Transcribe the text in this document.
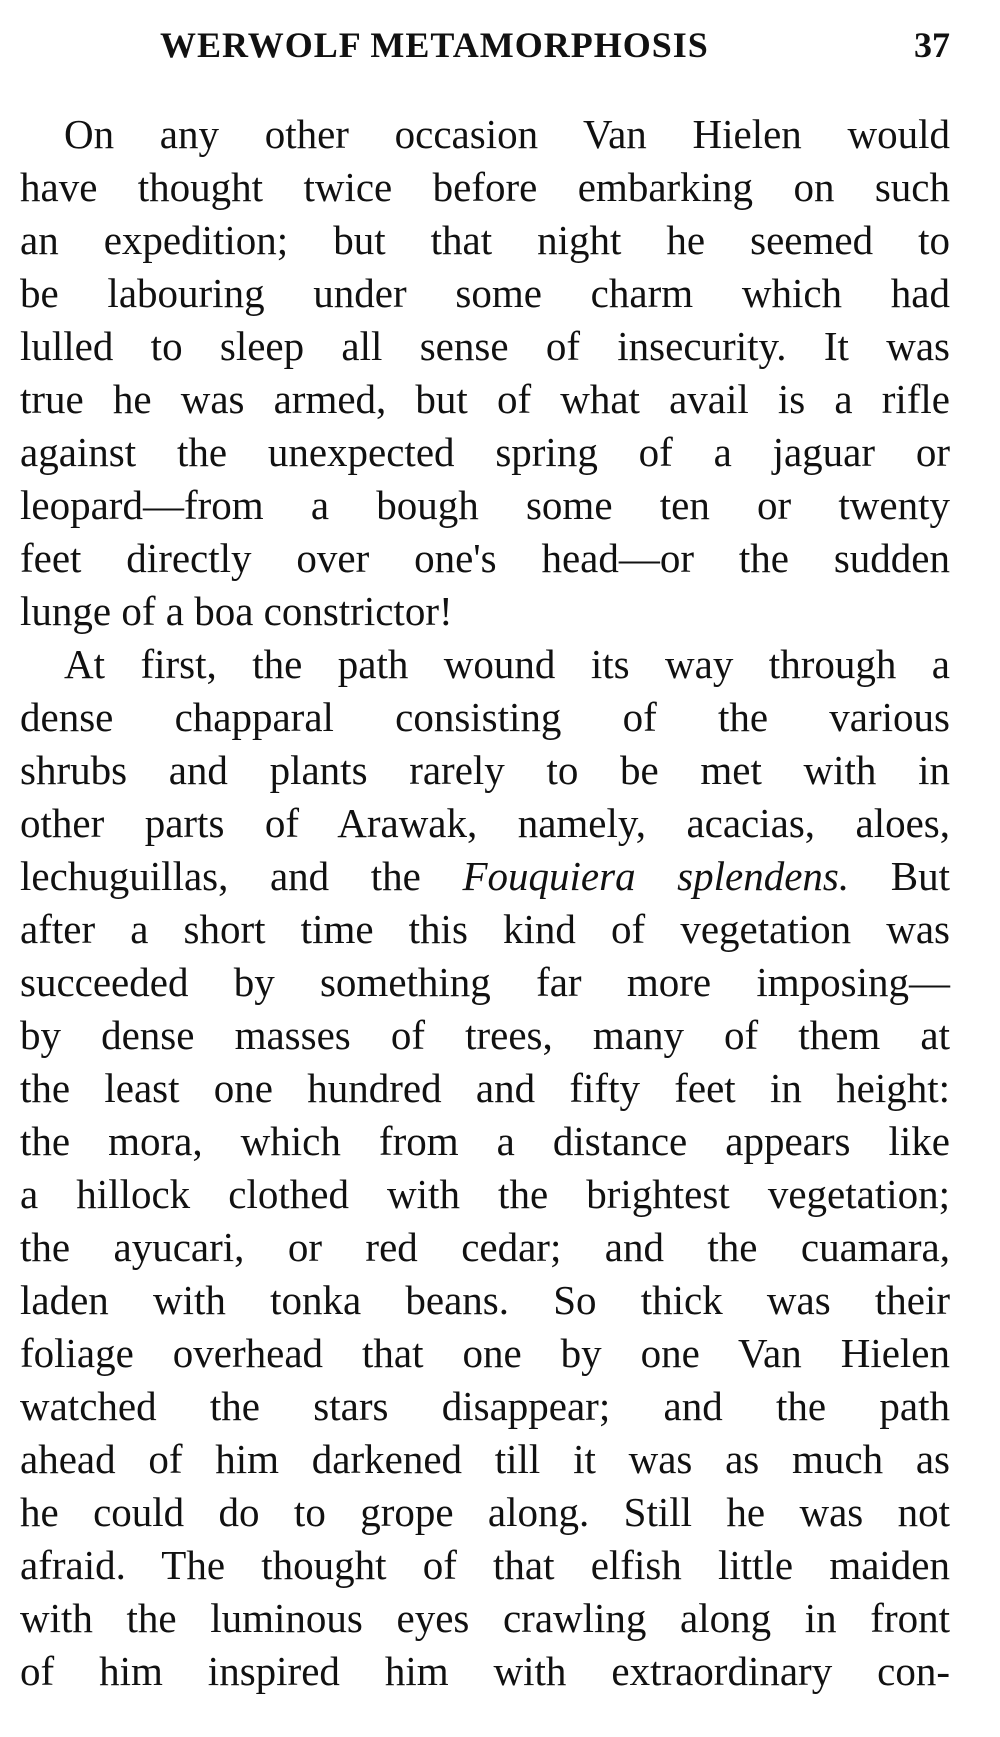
WERWOLF METAMORPHOSIS	37
On any other occasion Van Hielen would
have thought twice before embarking on such
an expedition; but that night he seemed to
be labouring under some charm which had
lulled to sleep all sense of insecurity. It was
true he was armed, but of what avail is a rifle
against the unexpected spring of a jaguar or
leopard—from a bough some ten or twenty
feet directly over one's head—or the sudden
lunge of a boa constrictor!
At first, the path wound its way through a
dense chapparal consisting of the various
shrubs and plants rarely to be met with in
other parts of Arawak, namely, acacias, aloes,
lechuguillas, and the Fouquiera splendens. But
after a short time this kind of vegetation was
succeeded by something far more imposing—
by dense masses of trees, many of them at
the least one hundred and fifty feet in height:
the mora, which from a distance appears like
a hillock clothed with the brightest vegetation;
the ayucari, or red cedar; and the cuamara,
laden with tonka beans. So thick was their
foliage overhead that one by one Van Hielen
watched the stars disappear; and the path
ahead of him darkened till it was as much as
he could do to grope along. Still he was not
afraid. The thought of that elfish little maiden
with the luminous eyes crawling along in front
of him inspired him with extraordinary con-
